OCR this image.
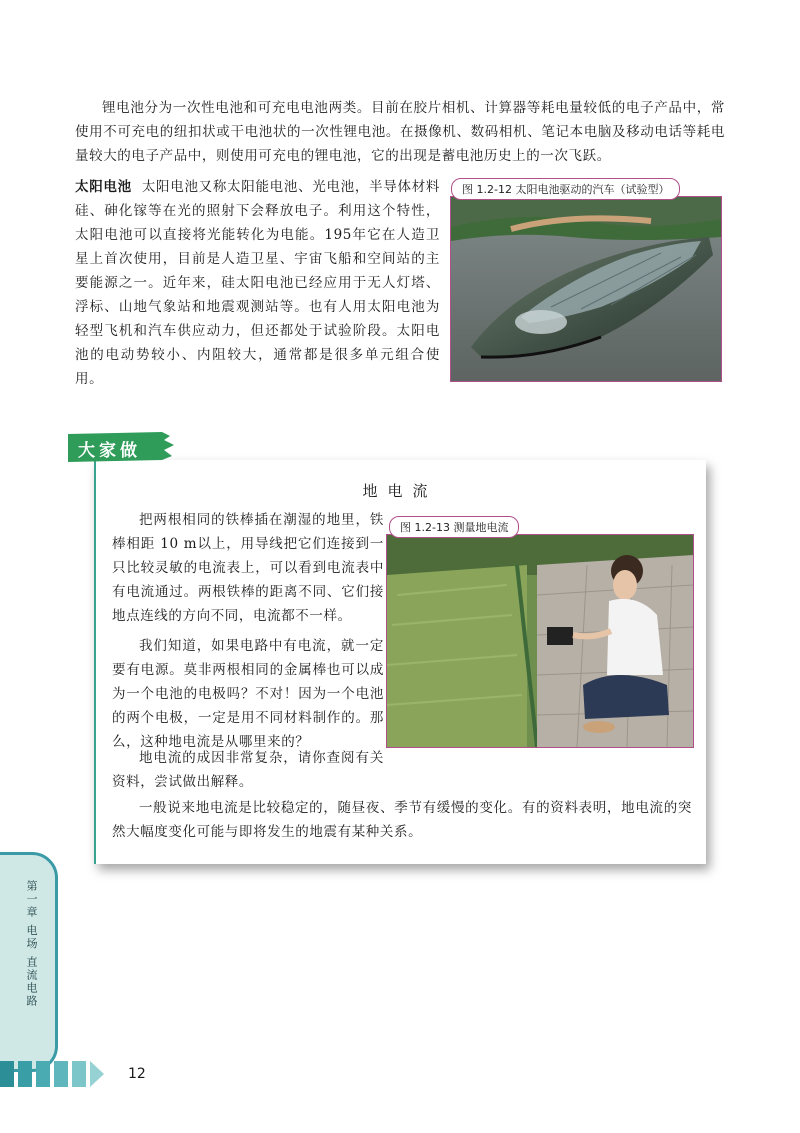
锂电池分为一次性电池和可充电电池两类。目前在胶片相机、计算器等耗电量较低的电子产品中，常使用不可充电的纽扣状或干电池状的一次性锂电池。在摄像机、数码相机、笔记本电脑及移动电话等耗电量较大的电子产品中，则使用可充电的锂电池，它的出现是蓄电池历史上的一次飞跃。

太阳电池 太阳电池又称太阳能电池、光电池，半导体材料硅、砷化镓等在光的照射下会释放电子。利用这个特性，太阳电池可以直接将光能转化为电能。195年它在人造卫星上首次使用，目前是人造卫星、宇宙飞船和空间站的主要能源之一。近年来，硅太阳电池已经应用于无人灯塔、浮标、山地气象站和地震观测站等。也有人用太阳电池为轻型飞机和汽车供应动力，但还都处于试验阶段。太阳电池的电动势较小、内阻较大，通常都是很多单元组合使用。

图 1.2-12 太阳电池驱动的汽车（试验型）
大家做
地电流

把两根相同的铁棒插在潮湿的地里，铁棒相距 10 m以上，用导线把它们连接到一只比较灵敏的电流表上，可以看到电流表中有电流通过。两根铁棒的距离不同、它们接地点连线的方向不同，电流都不一样。

我们知道，如果电路中有电流，就一定要有电源。莫非两根相同的金属棒也可以成为一个电池的电极吗？不对！因为一个电池的两个电极，一定是用不同材料制作的。那么，这种地电流是从哪里来的？

地电流的成因非常复杂，请你查阅有关资料，尝试做出解释。

一般说来地电流是比较稳定的，随昼夜、季节有缓慢的变化。有的资料表明，地电流的突然大幅度变化可能与即将发生的地震有某种关系。

图 1.2-13 测量地电流
第一章 电场 直流电路
12
